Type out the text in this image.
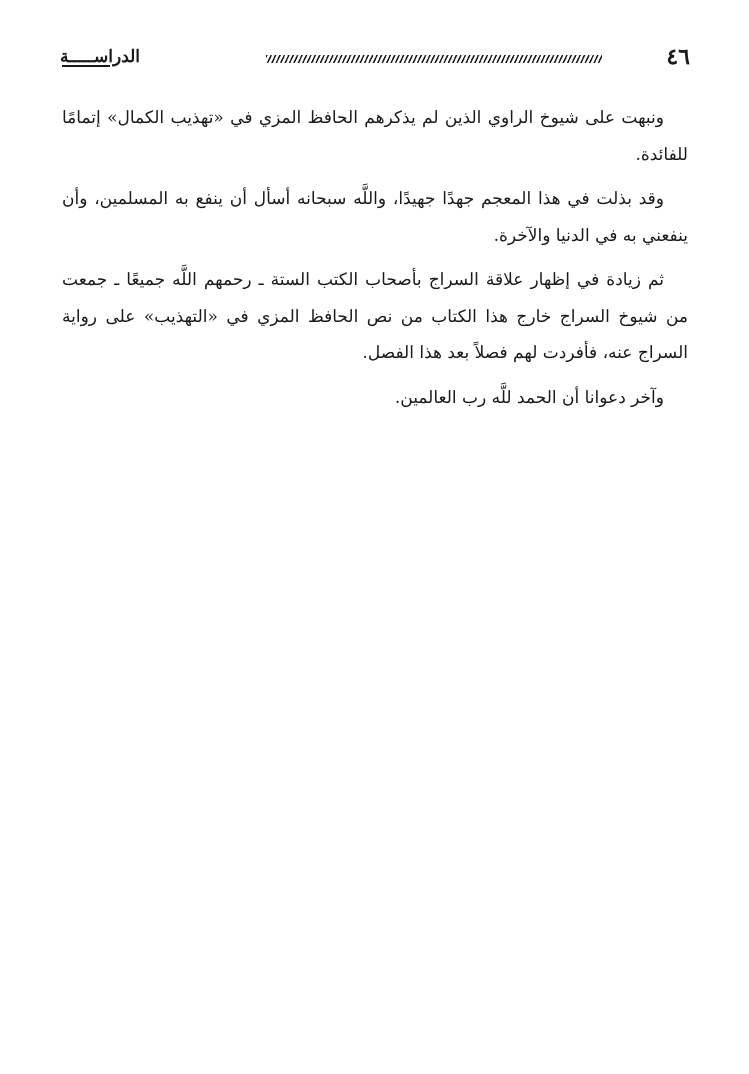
٤٦
الدراســـــة

ونبهت على شيوخ الراوي الذين لم يذكرهم الحافظ المزي في «تهذيب الكمال» إتمامًا للفائدة.

وقد بذلت في هذا المعجم جهدًا جهيدًا، واللَّه سبحانه أسأل أن ينفع به المسلمين، وأن ينفعني به في الدنيا والآخرة.

ثم زيادة في إظهار علاقة السراج بأصحاب الكتب الستة ـ رحمهم اللَّه جميعًا ـ جمعت من شيوخ السراج خارج هذا الكتاب من نص الحافظ المزي في «التهذيب» على رواية السراج عنه، فأفردت لهم فصلاً بعد هذا الفصل.

وآخر دعوانا أن الحمد للَّه رب العالمين.
